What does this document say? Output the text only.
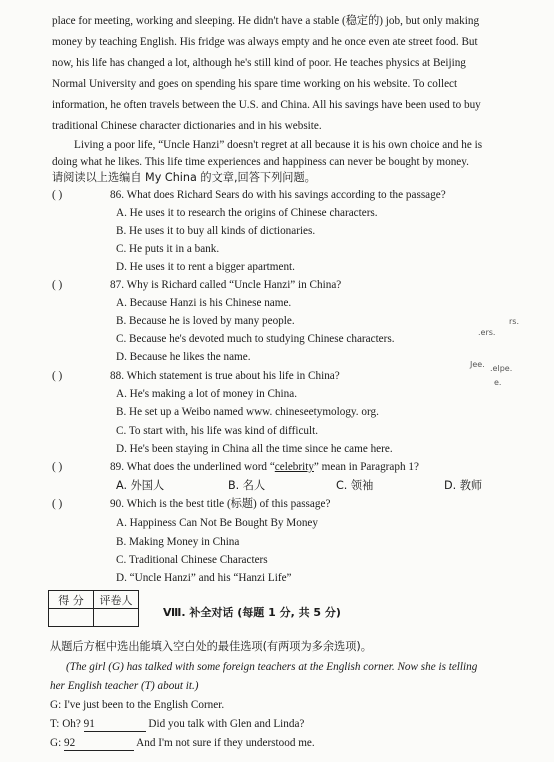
place for meeting, working and sleeping. He didn't have a stable (稳定的) job, but only making
money by teaching English. His fridge was always empty and he once even ate street food. But
now, his life has changed a lot, although he's still kind of poor. He teaches physics at Beijing
Normal University and goes on spending his spare time working on his website. To collect
information, he often travels between the U.S. and China. All his savings have been used to buy
traditional Chinese character dictionaries and in his website.
Living a poor life, “Uncle Hanzi” doesn't regret at all because it is his own choice and he is
doing what he likes. This life time experiences and happiness can never be bought by money.
请阅读以上选编自 My China 的文章,回答下列问题。
( )	86. What does Richard Sears do with his savings according to the passage?
A. He uses it to research the origins of Chinese characters.
B. He uses it to buy all kinds of dictionaries.
C. He puts it in a bank.
D. He uses it to rent a bigger apartment.
( )	87. Why is Richard called “Uncle Hanzi” in China?
A. Because Hanzi is his Chinese name.
B. Because he is loved by many people.
C. Because he's devoted much to studying Chinese characters.
D. Because he likes the name.
( )	88. Which statement is true about his life in China?
A. He's making a lot of money in China.
B. He set up a Weibo named www. chineseetymology. org.
C. To start with, his life was kind of difficult.
D. He's been staying in China all the time since he came here.
( )	89. What does the underlined word “celebrity” mean in Paragraph 1?
A. 外国人	B. 名人	C. 领袖	D. 教师
( )	90. Which is the best title (标题) of this passage?
A. Happiness Can Not Be Bought By Money
B. Making Money in China
C. Traditional Chinese Characters
D. “Uncle Hanzi” and his “Hanzi Life”
得 分	评卷人

Ⅷ. 补全对话 (每题 1 分, 共 5 分)
从题后方框中选出能填入空白处的最佳选项(有两项为多余选项)。
(The girl (G) has talked with some foreign teachers at the English corner. Now she is telling
her English teacher (T) about it.)
G: I've just been to the English Corner.
T: Oh? 91	Did you talk with Glen and Linda?
G: 92	And I'm not sure if they understood me.
rs.
.ers.
Jee. .elpe.
e.
